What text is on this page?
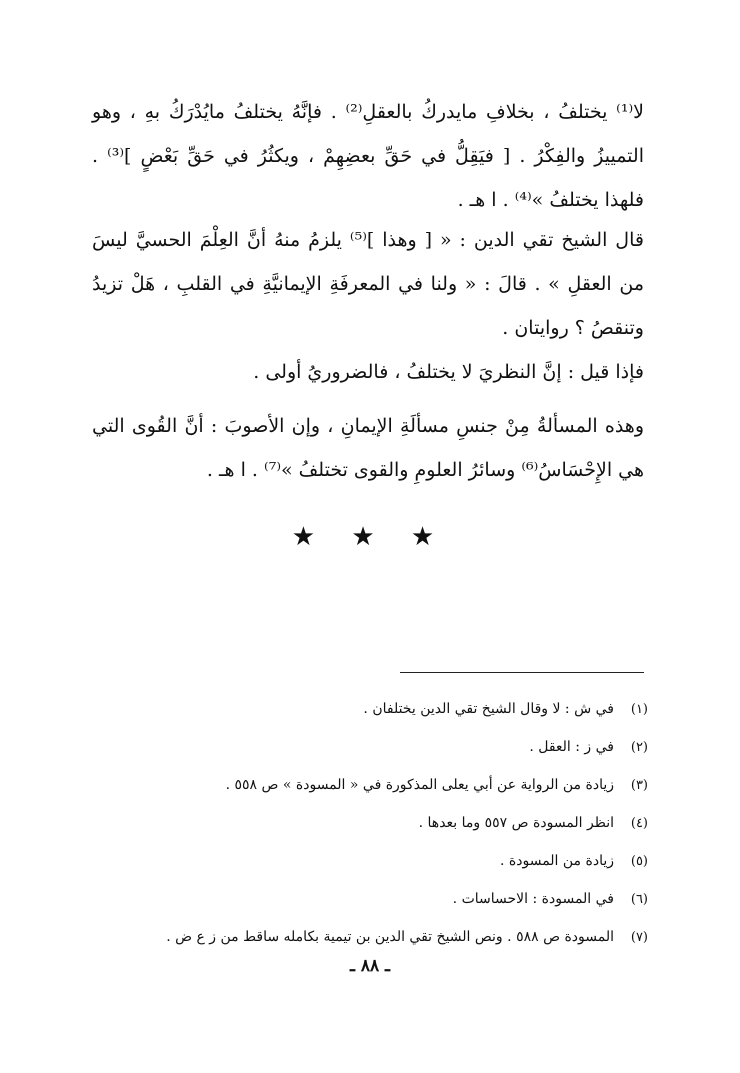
لا⁽¹⁾ يختلفُ ، بخلافِ مايدركُ بالعقلِ⁽²⁾ . فإنَّهُ يختلفُ مايُدْرَكُ بهِ ، وهو التمييزُ والفِكْرُ . [ فيَقِلُّ في حَقِّ بعضِهِمْ ، ويكثُرُ في حَقِّ بَعْضٍ ]⁽³⁾ . فلهذا يختلفُ »⁽⁴⁾ . ا هـ .

قال الشيخ تقي الدين : « [ وهذا ]⁽⁵⁾ يلزمُ منهُ أنَّ العِلْمَ الحسيَّ ليسَ من العقلِ » . قالَ : « ولنا في المعرفَةِ الإيمانيَّةِ في القلبِ ، هَلْ تزيدُ وتنقصُ ؟ روايتان .

فإذا قيل : إنَّ النظريَ لا يختلفُ ، فالضروريُ أولى .

وهذه المسألةُ مِنْ جنسِ مسألَةِ الإيمانِ ، وإن الأصوبَ : أنَّ القُوى التي هي الإِحْسَاسُ⁽⁶⁾ وسائرُ العلومِ والقوى تختلفُ »⁽⁷⁾ . ا هـ .

★ ★ ★
(١)
في ش : لا وقال الشيخ تقي الدين يختلفان .
(٢)
في ز : العقل .
(٣)
زيادة من الرواية عن أبي يعلى المذكورة في « المسودة » ص ٥٥٨ .
(٤)
انظر المسودة ص ٥٥٧ وما بعدها .
(٥)
زيادة من المسودة .
(٦)
في المسودة : الاحساسات .
(٧)
المسودة ص ٥٨٨ . ونص الشيخ تقي الدين بن تيمية بكامله ساقط من ز ع ض .
ـ ٨٨ ـ
